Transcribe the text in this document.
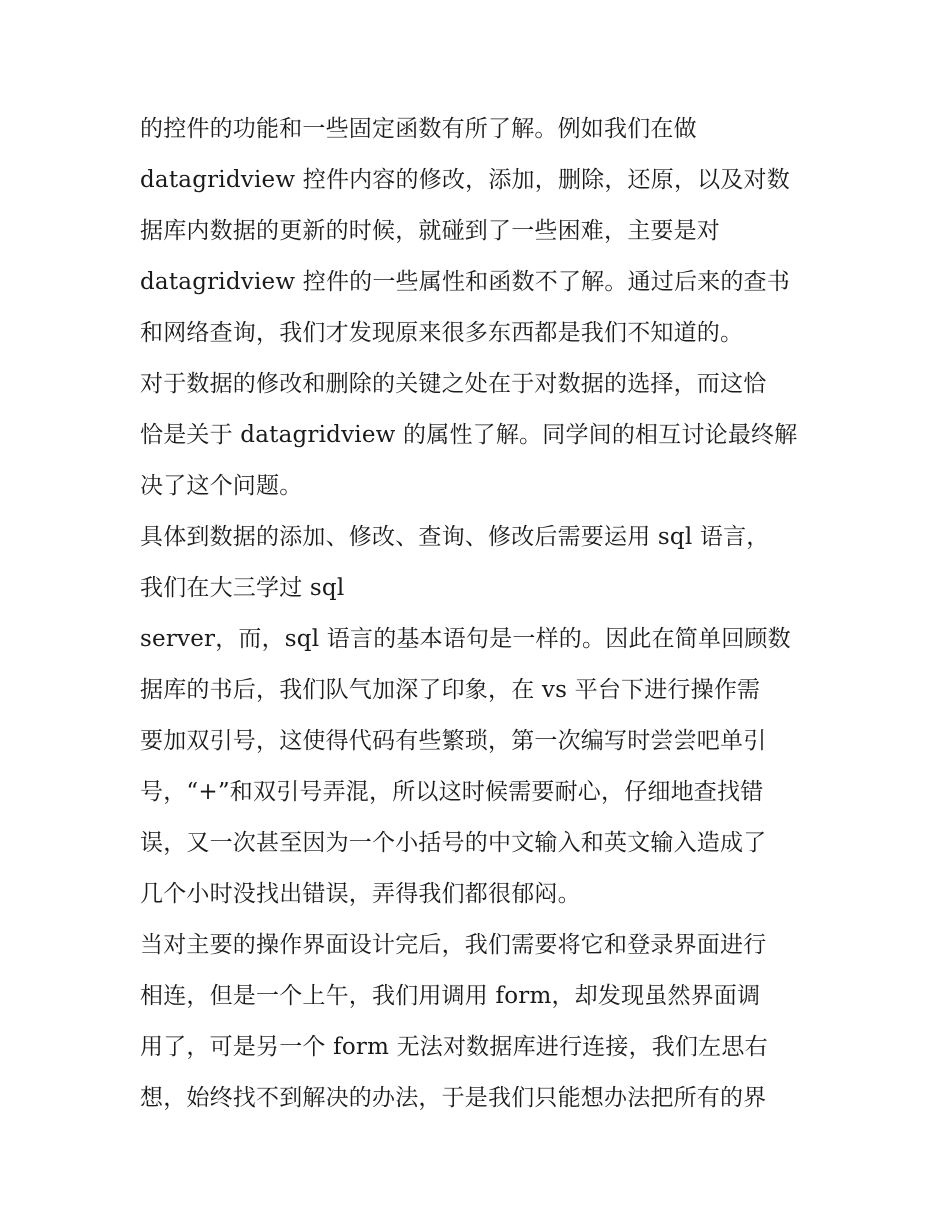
的控件的功能和一些固定函数有所了解。例如我们在做
datagridview 控件内容的修改，添加，删除，还原，以及对数
据库内数据的更新的时候，就碰到了一些困难，主要是对
datagridview 控件的一些属性和函数不了解。通过后来的查书
和网络查询，我们才发现原来很多东西都是我们不知道的。
对于数据的修改和删除的关键之处在于对数据的选择，而这恰
恰是关于 datagridview 的属性了解。同学间的相互讨论最终解
决了这个问题。
具体到数据的添加、修改、查询、修改后需要运用 sql 语言，
我们在大三学过 sql
server，而，sql 语言的基本语句是一样的。因此在简单回顾数
据库的书后，我们队气加深了印象，在 vs 平台下进行操作需
要加双引号，这使得代码有些繁琐，第一次编写时尝尝吧单引
号，“+”和双引号弄混，所以这时候需要耐心，仔细地查找错
误，又一次甚至因为一个小括号的中文输入和英文输入造成了
几个小时没找出错误，弄得我们都很郁闷。
当对主要的操作界面设计完后，我们需要将它和登录界面进行
相连，但是一个上午，我们用调用 form，却发现虽然界面调
用了，可是另一个 form 无法对数据库进行连接，我们左思右
想，始终找不到解决的办法，于是我们只能想办法把所有的界
